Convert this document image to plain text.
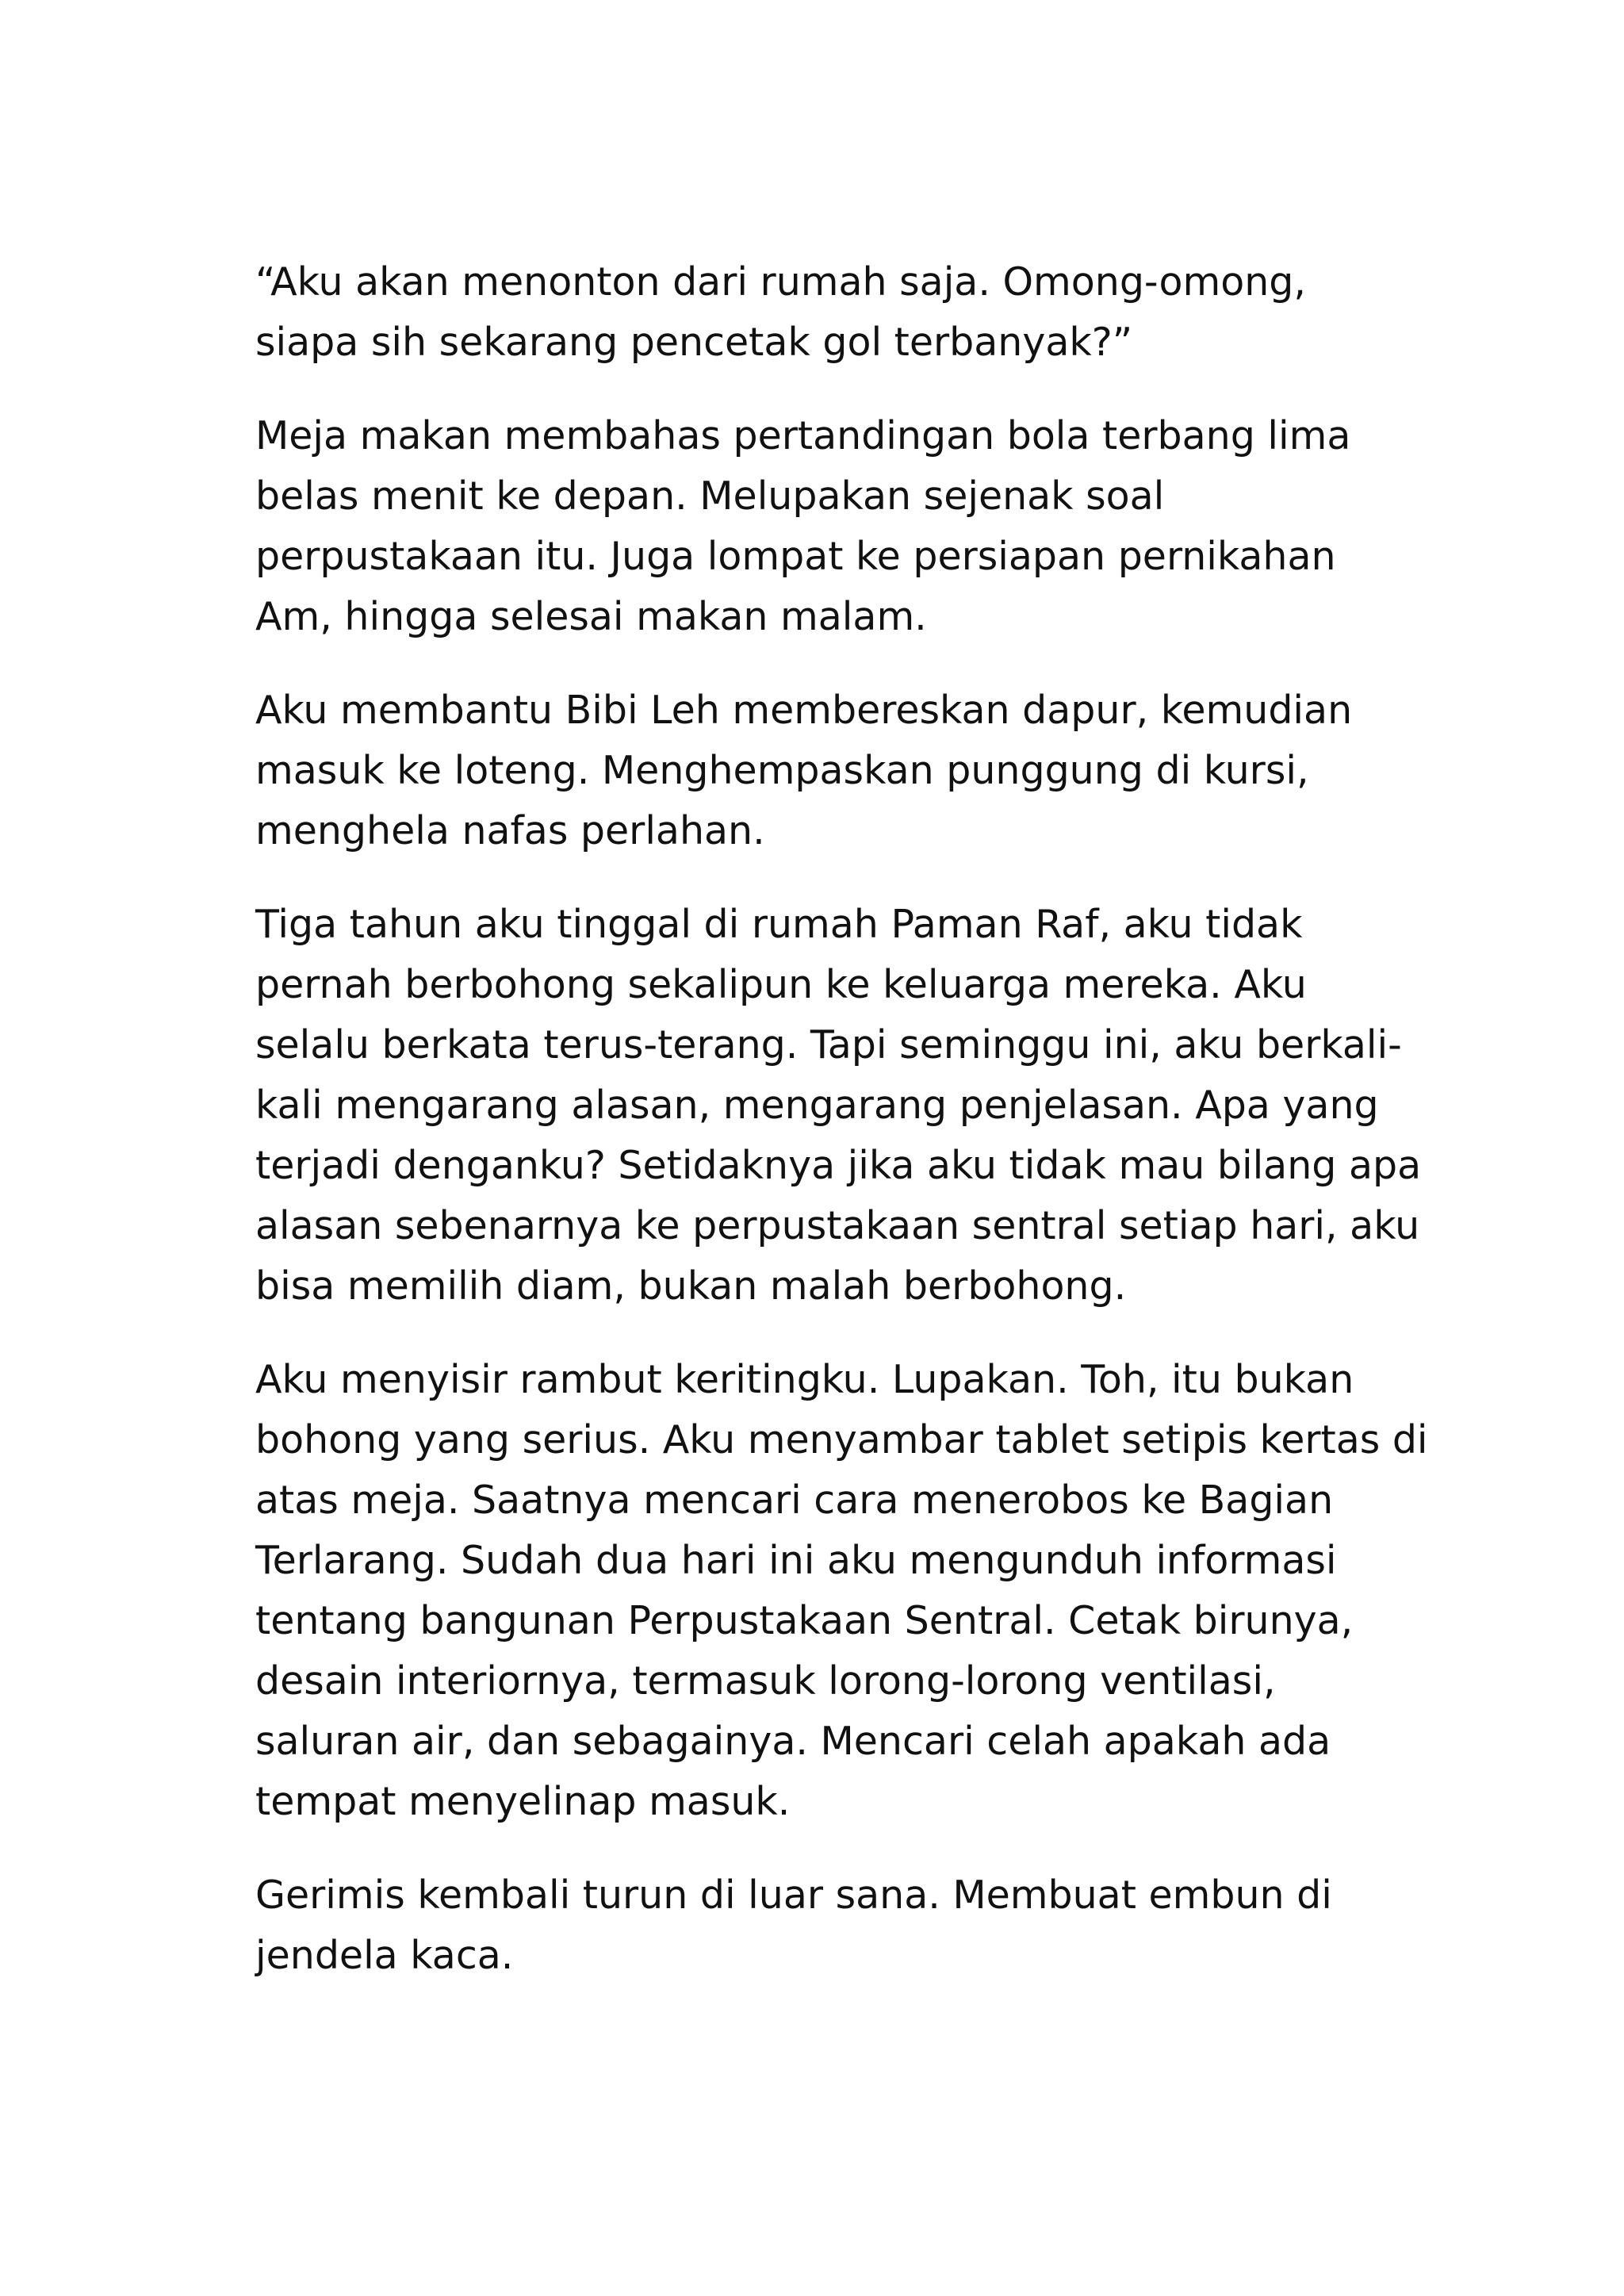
“Aku akan menonton dari rumah saja. Omong-omong,
siapa sih sekarang pencetak gol terbanyak?”

Meja makan membahas pertandingan bola terbang lima
belas menit ke depan. Melupakan sejenak soal
perpustakaan itu. Juga lompat ke persiapan pernikahan
Am, hingga selesai makan malam.

Aku membantu Bibi Leh membereskan dapur, kemudian
masuk ke loteng. Menghempaskan punggung di kursi,
menghela nafas perlahan.

Tiga tahun aku tinggal di rumah Paman Raf, aku tidak
pernah berbohong sekalipun ke keluarga mereka. Aku
selalu berkata terus-terang. Tapi seminggu ini, aku berkali-
kali mengarang alasan, mengarang penjelasan. Apa yang
terjadi denganku? Setidaknya jika aku tidak mau bilang apa
alasan sebenarnya ke perpustakaan sentral setiap hari, aku
bisa memilih diam, bukan malah berbohong.

Aku menyisir rambut keritingku. Lupakan. Toh, itu bukan
bohong yang serius. Aku menyambar tablet setipis kertas di
atas meja. Saatnya mencari cara menerobos ke Bagian
Terlarang. Sudah dua hari ini aku mengunduh informasi
tentang bangunan Perpustakaan Sentral. Cetak birunya,
desain interiornya, termasuk lorong-lorong ventilasi,
saluran air, dan sebagainya. Mencari celah apakah ada
tempat menyelinap masuk.

Gerimis kembali turun di luar sana. Membuat embun di
jendela kaca.
